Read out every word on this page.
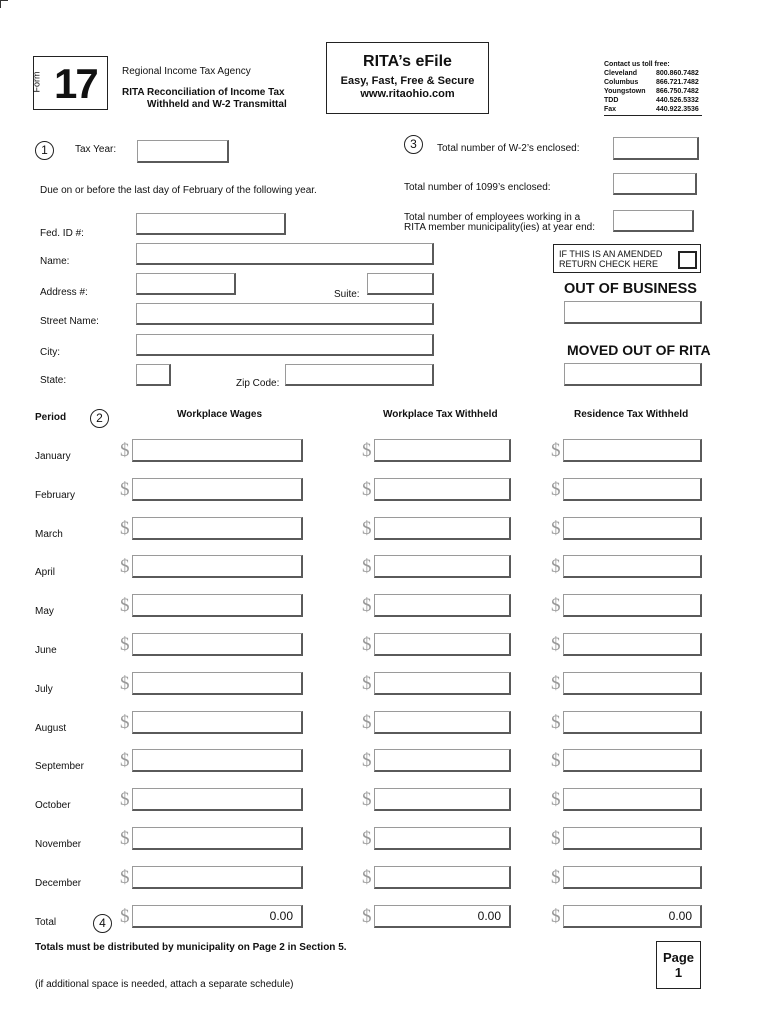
Form 17	Regional Income Tax Agency
RITA Reconciliation of Income Tax
Withheld and W-2 Transmittal
RITA’s eFile
Easy, Fast, Free & Secure
www.ritaohio.com
Contact us toll free:
Cleveland	800.860.7482
Columbus	866.721.7482
Youngstown	866.750.7482
TDD	440.526.5332
Fax	440.922.3536
1	Tax Year:
Due on or before the last day of February of the following year.
Fed. ID #:
Name:
Address #:	Suite:
Street Name:
City:
State:	Zip Code:
3	Total number of W-2’s enclosed:
Total number of 1099’s enclosed:
Total number of employees working in a
RITA member municipality(ies) at year end:
IF THIS IS AN AMENDED
RETURN CHECK HERE
OUT OF BUSINESS
MOVED OUT OF RITA
Period	2	Workplace Wages	Workplace Tax Withheld	Residence Tax Withheld
January	$	$	$
February $	$	$
March	$	$	$
April	$	$	$
May	$	$	$
June	$	$	$
July	$	$	$
August	$	$	$
September $	$	$
October	$	$	$
November $	$	$
December $	$	$
Total	4 $	0.00	$	0.00	$	0.00
Totals must be distributed by municipality on Page 2 in Section 5.
(if additional space is needed, attach a separate schedule)
Page
1
